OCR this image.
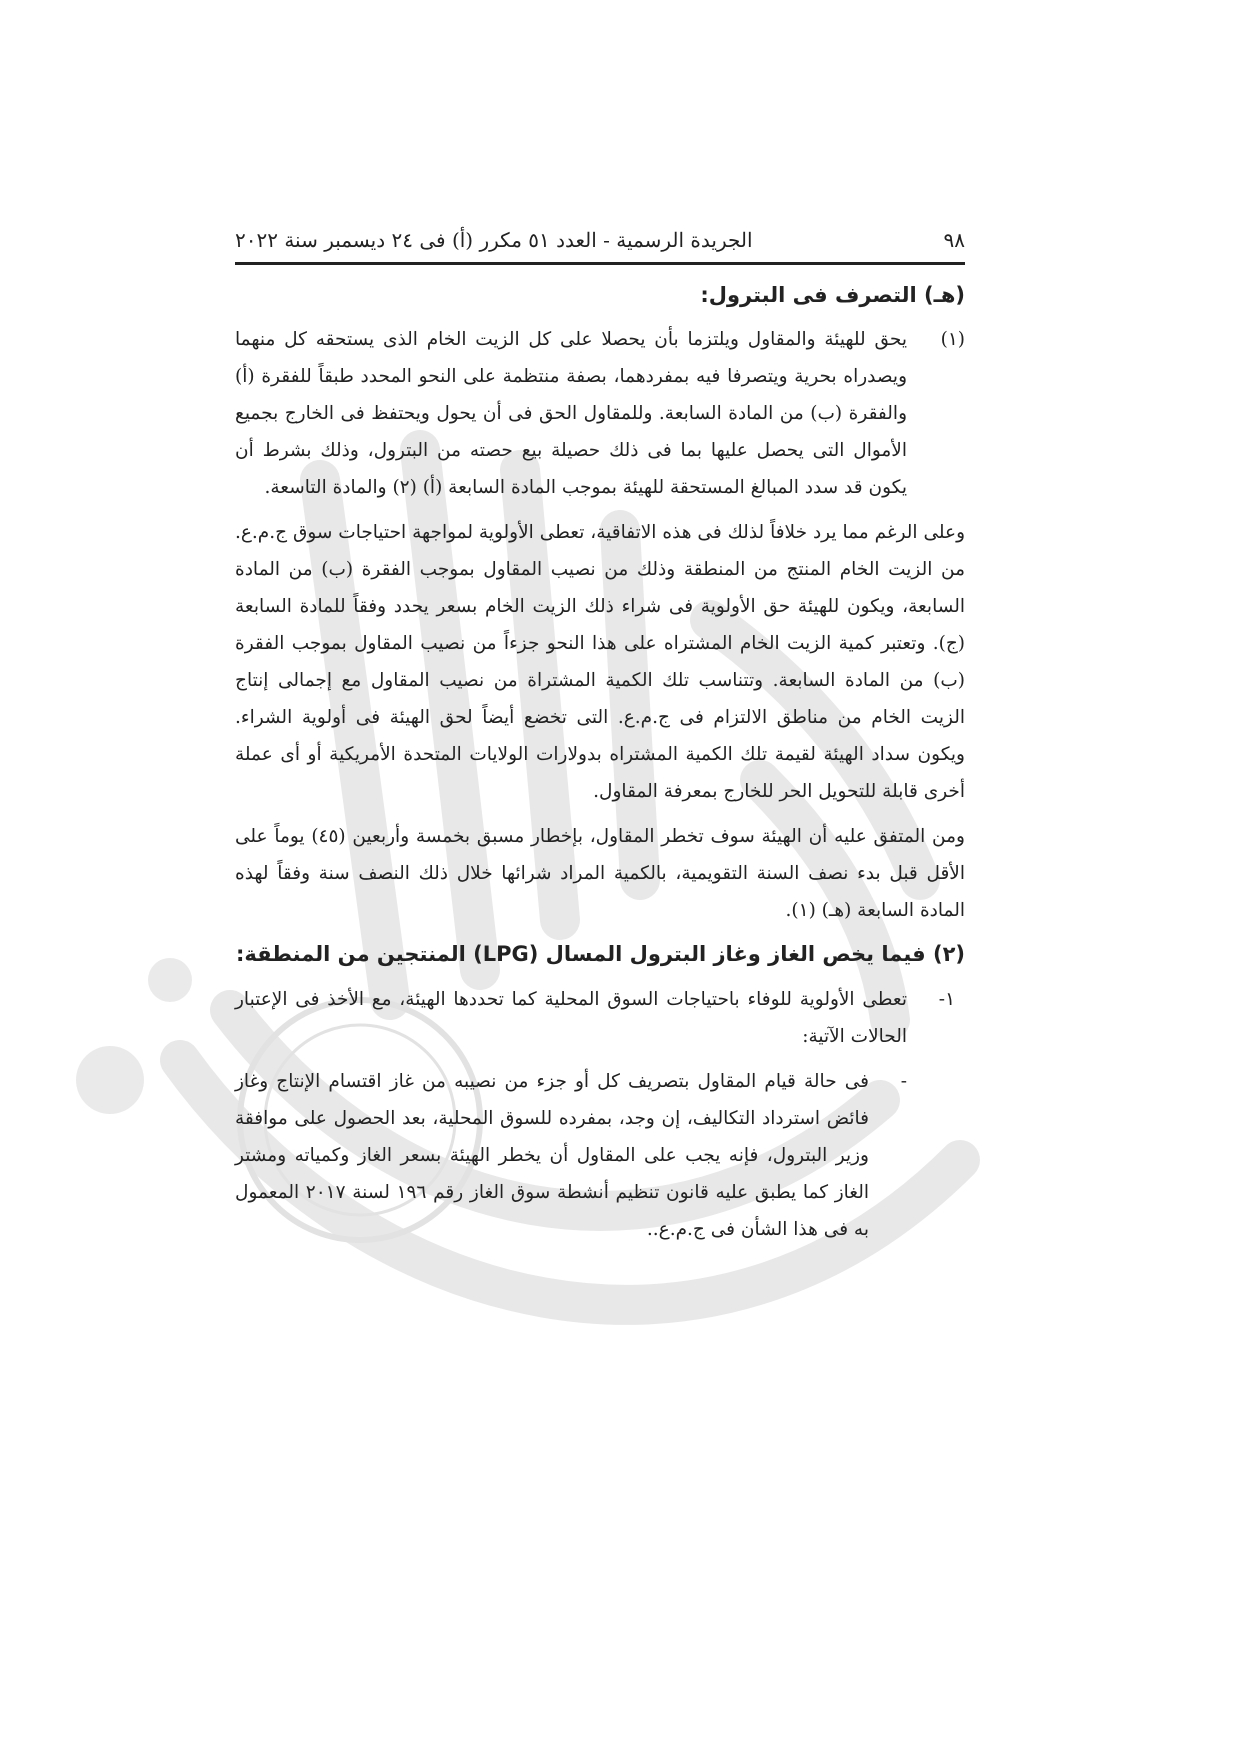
٩٨
الجريدة الرسمية - العدد ٥١ مكرر (أ) فى ٢٤ ديسمبر سنة ٢٠٢٢
(هـ) التصرف فى البترول:
(١)

يحق للهيئة والمقاول ويلتزما بأن يحصلا على كل الزيت الخام الذى يستحقه كل منهما ويصدراه بحرية ويتصرفا فيه بمفردهما، بصفة منتظمة على النحو المحدد طبقاً للفقرة (أ) والفقرة (ب) من المادة السابعة. وللمقاول الحق فى أن يحول ويحتفظ فى الخارج بجميع الأموال التى يحصل عليها بما فى ذلك حصيلة بيع حصته من البترول، وذلك بشرط أن يكون قد سدد المبالغ المستحقة للهيئة بموجب المادة السابعة (أ) (٢) والمادة التاسعة.

وعلى الرغم مما يرد خلافاً لذلك فى هذه الاتفاقية، تعطى الأولوية لمواجهة احتياجات سوق ج.م.ع. من الزيت الخام المنتج من المنطقة وذلك من نصيب المقاول بموجب الفقرة (ب) من المادة السابعة، ويكون للهيئة حق الأولوية فى شراء ذلك الزيت الخام بسعر يحدد وفقاً للمادة السابعة (ج). وتعتبر كمية الزيت الخام المشتراه على هذا النحو جزءاً من نصيب المقاول بموجب الفقرة (ب) من المادة السابعة. وتتناسب تلك الكمية المشتراة من نصيب المقاول مع إجمالى إنتاج الزيت الخام من مناطق الالتزام فى ج.م.ع. التى تخضع أيضاً لحق الهيئة فى أولوية الشراء. ويكون سداد الهيئة لقيمة تلك الكمية المشتراه بدولارات الولايات المتحدة الأمريكية أو أى عملة أخرى قابلة للتحويل الحر للخارج بمعرفة المقاول.

ومن المتفق عليه أن الهيئة سوف تخطر المقاول، بإخطار مسبق بخمسة وأربعين (٤٥) يوماً على الأقل قبل بدء نصف السنة التقويمية، بالكمية المراد شرائها خلال ذلك النصف سنة وفقاً لهذه المادة السابعة (هـ) (١).

(٢) فيما يخص الغاز وغاز البترول المسال (LPG) المنتجين من المنطقة:
١-

تعطى الأولوية للوفاء باحتياجات السوق المحلية كما تحددها الهيئة، مع الأخذ فى الإعتبار الحالات الآتية:

-

فى حالة قيام المقاول بتصريف كل أو جزء من نصيبه من غاز اقتسام الإنتاج وغاز فائض استرداد التكاليف، إن وجد، بمفرده للسوق المحلية، بعد الحصول على موافقة وزير البترول، فإنه يجب على المقاول أن يخطر الهيئة بسعر الغاز وكمياته ومشتر الغاز كما يطبق عليه قانون تنظيم أنشطة سوق الغاز رقم ١٩٦ لسنة ٢٠١٧ المعمول به فى هذا الشأن فى ج.م.ع..
